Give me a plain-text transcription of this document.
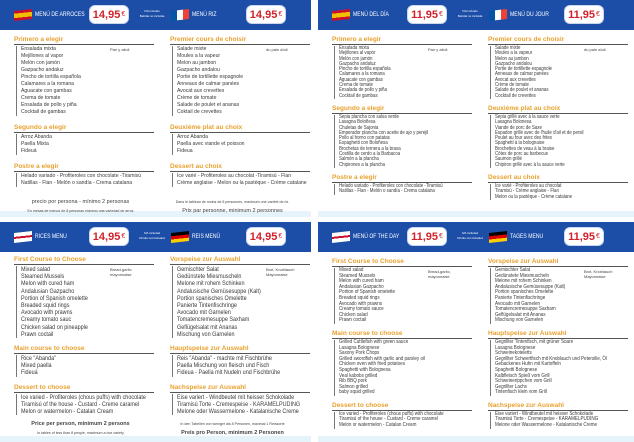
MENÚ DE ARROCES 14,95 €	MENÚ RIZ	14,95 €
IVA incluido
Bebida no incluida
Primero a elegir
Pan y alioli
Ensalada mixta
Mejillones al vapor
Melón con jamón
Gazpacho andaluz
Pincho de tortilla española
Calamares a la romana
Aguacate con gambas
Crema de tomate
Ensalada de pollo y piña
Cocktail de gambas
Segundo a elegir
Arroz Abanda
Paella Mixta
Fideuá
Postre a elegir
Helado variado - Profiteroles con chocolate -Tiramisú
Natillas - Flan - Melón o sandía - Crema catalana
precio por persona - mínimo 2 personas
En mesas de menos de 8 personas máximo una variedad de arroz
Premier cours de choisir
du pain aïoli
Salade mixte
Moules a la vapeur
Melon au jambon
Gazpacho andalou
Portie de tortillette espagnole
Anneaux de calmar panées
Avocat aux crevettes
Crème de tomate
Salade de poulet et ananas
Coktail de crevettes
Deuxième plat au choix
Arroz Abanda
Paella avec viande et poisson
Fideua
Dessert au choix
Ice varié - Profiteroles au chocolat -Tiramisú - Flan
Crème anglaise - Melon ou la pastèque - Crème catalane
Dans le tableau de moins de 8 personnes, maximum une variété de riz.
Prix par personne, minimum 2 personnes
MENÚ DEL DÍA 11,95 €	MENÚ DU JOUR 11,95 €
IVA incluido
Bebida no incluida
Primero a elegir
Pan y alioli
Ensalada mixta
Mejillones al vapor
Melón con jamón
Gazpacho andaluz
Pincho de tortilla española
Calamares a la romana
Aguacate con gambas
Crema de tomate
Ensalada de pollo y piña
Cocktail de gambas
Segundo a elegir
Sepia plancha con salsa verde
Lasagna Boloñesa
Chuletas de Sajonia
Emperador plancha con aceite de ajo y perejil
Pollo al horno con patatas
Espaghetti con Boloñesa
Brochetas de ternera a la brasa
Costilla de cerdo a la Barbacoa
Salmón a la plancha
Chipirones a la plancha
Postre a elegir
Helado variado - Profiteroles con chocolate -Tiramisú
Natillas - Flan - Melón o sandía - Crema catalana
Premier cours de choisir
du pain aïoli
Salade mixte
Moules a la vapeur
Melon au jambon
Gazpacho andalou
Portie de tortillette espagnole
Anneaux de calmar panées
Avocat aux crevettes
Crème de tomate
Salade de poulet et ananas
Cocktail de crevettes
Deuxième plat au choix
Sepia grillé avec à la sauce verte
Lasagna Bolonesa
Viande de porc de Saxe
Espadon grillé avec de l'huile d'ail et de persil
Poulet au four avec des frites
Spaghetti à la bolognaise
Brochettes de veau à la braise
Côtes de porc au barbecue
Saumon grillé
Chipiron grillé avec à la sauce verte
Dessert au choix
Ice varié - Profiteroles au chocolat
Tiramisú - Crème anglaise - Flan
Melon ou la pastèque - Crème catalane
RICES MENU 14,95 €	REIS MENÜ	14,95 €
IVA included
Drinks not included
First Course to Choose
Bread-garlic mayonnaise
Mixed salad
Steamed Mussels
Melon with cured ham
Andalusian Gazpacho
Portion of Spanish omelette
Breaded squid rings
Avocado with prawns
Creamy tomato sauc
Chicken salad on pineapple
Prawn coctail
Main course to choose
Rice "Abanda"
Mixed paella
Fideuá
Dessert to choose
Ice varied - Profiteroles (chous puffs) with chocolate
Tiramisú of the house - Custard - Creme caramel
Melon or watermelon - Catalan Cream
Price per person, minimum 2 persons
In tables of less than 8 people, maximum a rice variety
Vorspeise zur Auswahl
Brot, Knoblauch Mayonnaise
Gemischter Salat
Gedünstete Miesmuscheln
Melone mit rohem Schinken
Andalusische Gemüsesuppe (Kalt)
Portion spanisches Omelette
Panierte Tintenfischringe
Avocado mit Garnelen
Tomatencremesuppe Saxham
Geflügelsalat mit Ananas
Mischung von Garnelen
Hauptspeise zur Auswahl
Reis "Abanda" - machte mit Fischbrühe
Paella Mischung von fleisch und Fisch
Fideua - Paella mit Nudeln und Fischbrühe
Nachspeise zur Auswahl
Eise variert - Windbeutel mit heisser Schokolade
Tiramisú Torte - Cremespeise - KARAMELPUDING
Melone oder Wassermelone - Katalanische Creme
In den Tabellen von weniger als 8 Personen, maximal 1 Reissorte
Preis pro Person, minimum 2 Personen
MENÚ OF THE DAY 11,95 €	TAGES MENU 11,95 €
IVA included
Drinks not included
First Course to Choose
Bread-garlic, mayonnaise
Mixed salad
Steamed Mussels
Melon with cured ham
Andalusian Gazpacho
Portion of Spanish omelette
Breaded squid rings
Avocado with prawns
Creamy tomato sauce
Chicken salad
Prawn coctail
Main course to choose
Grilled Cuttlefish with green sauce
Lasagna Bolognese
Saxony Pork Chops
Grilled swordfish with garlic and parsley oil
Chicken oven with fried potatoes
Spaghetti with Bolognesa
Veal kabobs grilled
Rib BBQ pork
Salmon grilled
baby squid grilled
Dessert to choose
Ice varied - Profiteroles (chous puffs) with chocolate
Tiramisú of the house - Custard - Creme caramel
Melon or watermelon - Catalan Cream
Vorspeise zur Auswahl
Brot, Knoblauch Mayonnaise
Gemischter Salat
Gedünstete Miesmuscheln
Melone mit rohem Schinken
Andalusische Gemüsesuppe (Kalt)
Portion spanisches Omelette
Panierte Tintenfischringe
Avocado mit Garnelen
Tomatencremesuppe Saxham
Geflügelsalat mit Ananas
Mischung von Garnelen
Hauptspeise zur Auswahl
Gegrillter Tintenfisch, mit grüner Soare
Lasagna Bolognese
Schweinekoteletts
Gegrillter Schwertfisch mit Knoblauch und Petersilie, Öl
Gebackenes Huhn mit Kartoffeln
Spaghetti Bolognese
Kalbfleisch Spieß vom Grill
Schweinerippchen vom Grill
Gegrillter Lachs
Tintenfisch klein vom Grill
Nachspeise zur Auswahl
Eise variert - Windbeutel mit heisser Schokolade
Tiramisú Torte - Cremespeise - KARAMELPUDING
Melone oder Wassermelone - Katalanische Creme
